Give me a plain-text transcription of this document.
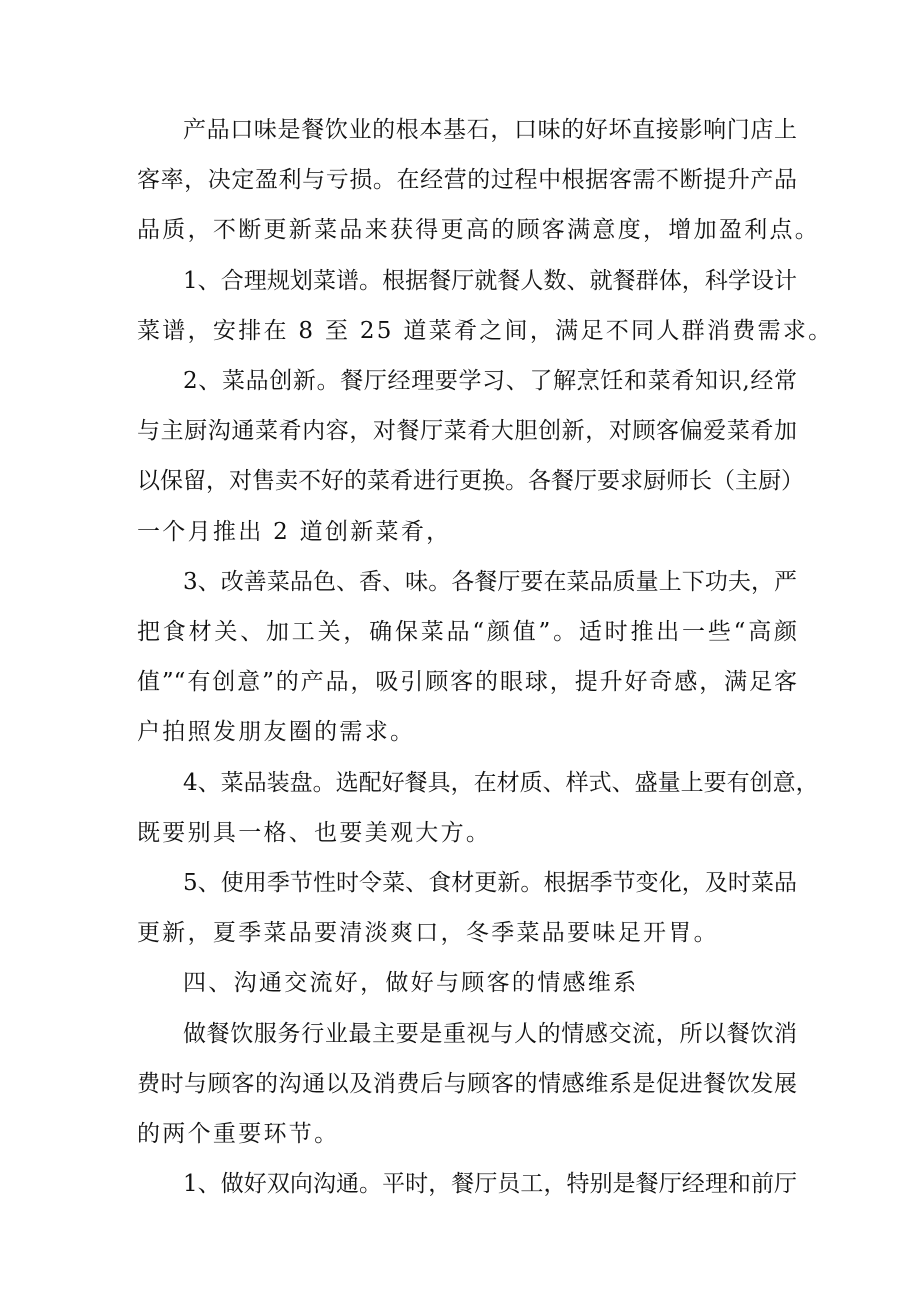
产品口味是餐饮业的根本基石，口味的好坏直接影响门店上
客率，决定盈利与亏损。在经营的过程中根据客需不断提升产品
品质，不断更新菜品来获得更高的顾客满意度，增加盈利点。
1、合理规划菜谱。根据餐厅就餐人数、就餐群体，科学设计
菜谱，安排在 8 至 25 道菜肴之间，满足不同人群消费需求。
2、菜品创新。餐厅经理要学习、了解烹饪和菜肴知识,经常
与主厨沟通菜肴内容，对餐厅菜肴大胆创新，对顾客偏爱菜肴加
以保留，对售卖不好的菜肴进行更换。各餐厅要求厨师长（主厨）
一个月推出 2 道创新菜肴，
3、改善菜品色、香、味。各餐厅要在菜品质量上下功夫，严
把食材关、加工关，确保菜品“颜值”。适时推出一些“高颜
值”“有创意”的产品，吸引顾客的眼球，提升好奇感，满足客
户拍照发朋友圈的需求。
4、菜品装盘。选配好餐具，在材质、样式、盛量上要有创意，
既要别具一格、也要美观大方。
5、使用季节性时令菜、食材更新。根据季节变化，及时菜品
更新，夏季菜品要清淡爽口，冬季菜品要味足开胃。
四、沟通交流好，做好与顾客的情感维系
做餐饮服务行业最主要是重视与人的情感交流，所以餐饮消
费时与顾客的沟通以及消费后与顾客的情感维系是促进餐饮发展
的两个重要环节。
1、做好双向沟通。平时，餐厅员工，特别是餐厅经理和前厅
